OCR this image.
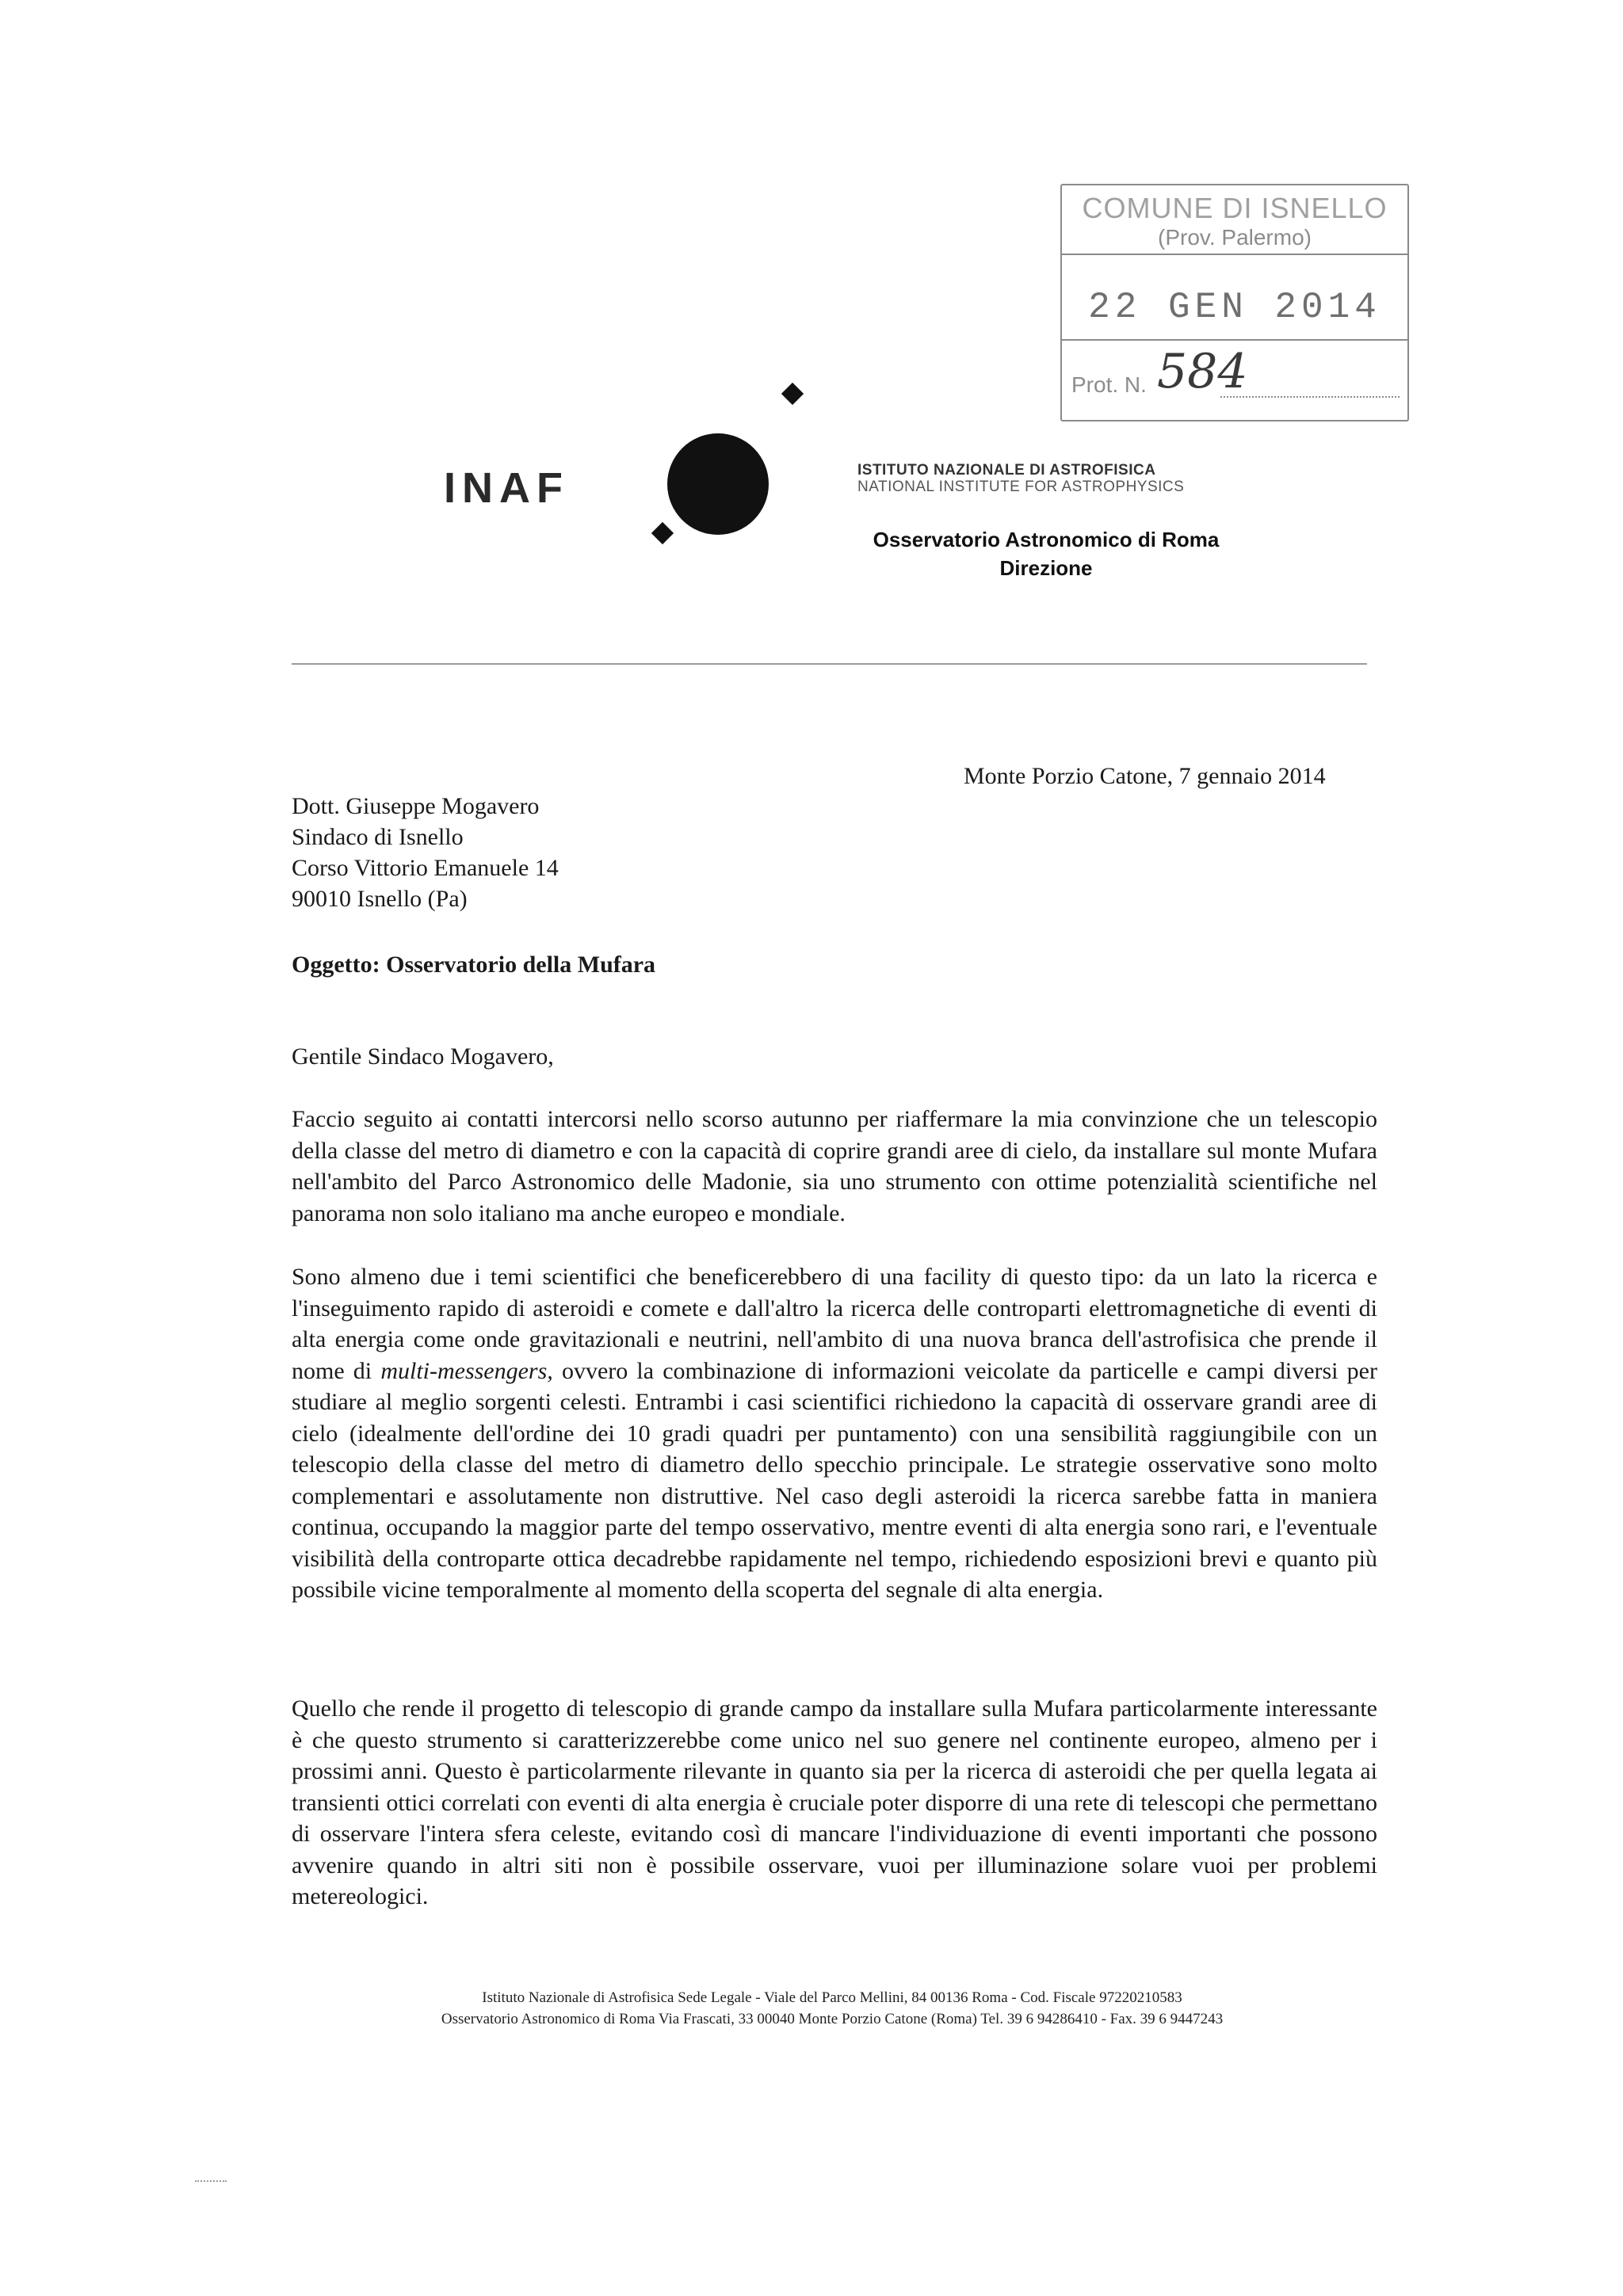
COMUNE DI ISNELLO
(Prov. Palermo)
22 GEN 2014
Prot. N. 584
INAF	ISTITUTO NAZIONALE DI ASTROFISICA
NATIONAL INSTITUTE FOR ASTROPHYSICS
Osservatorio Astronomico di Roma
Direzione
Monte Porzio Catone, 7 gennaio 2014
Dott. Giuseppe Mogavero
Sindaco di Isnello
Corso Vittorio Emanuele 14
90010 Isnello (Pa)
Oggetto: Osservatorio della Mufara
Gentile Sindaco Mogavero,

Faccio seguito ai contatti intercorsi nello scorso autunno per riaffermare la mia convinzione che un telescopio della classe del metro di diametro e con la capacità di coprire grandi aree di cielo, da installare sul monte Mufara nell'ambito del Parco Astronomico delle Madonie, sia uno strumento con ottime potenzialità scientifiche nel panorama non solo italiano ma anche europeo e mondiale.

Sono almeno due i temi scientifici che beneficerebbero di una facility di questo tipo: da un lato la ricerca e l'inseguimento rapido di asteroidi e comete e dall'altro la ricerca delle controparti elettromagnetiche di eventi di alta energia come onde gravitazionali e neutrini, nell'ambito di una nuova branca dell'astrofisica che prende il nome di multi-messengers, ovvero la combinazione di informazioni veicolate da particelle e campi diversi per studiare al meglio sorgenti celesti. Entrambi i casi scientifici richiedono la capacità di osservare grandi aree di cielo (idealmente dell'ordine dei 10 gradi quadri per puntamento) con una sensibilità raggiungibile con un telescopio della classe del metro di diametro dello specchio principale. Le strategie osservative sono molto complementari e assolutamente non distruttive. Nel caso degli asteroidi la ricerca sarebbe fatta in maniera continua, occupando la maggior parte del tempo osservativo, mentre eventi di alta energia sono rari, e l'eventuale visibilità della controparte ottica decadrebbe rapidamente nel tempo, richiedendo esposizioni brevi e quanto più possibile vicine temporalmente al momento della scoperta del segnale di alta energia.

Quello che rende il progetto di telescopio di grande campo da installare sulla Mufara particolarmente interessante è che questo strumento si caratterizzerebbe come unico nel suo genere nel continente europeo, almeno per i prossimi anni. Questo è particolarmente rilevante in quanto sia per la ricerca di asteroidi che per quella legata ai transienti ottici correlati con eventi di alta energia è cruciale poter disporre di una rete di telescopi che permettano di osservare l'intera sfera celeste, evitando così di mancare l'individuazione di eventi importanti che possono avvenire quando in altri siti non è possibile osservare, vuoi per illuminazione solare vuoi per problemi metereologici.

Istituto Nazionale di Astrofisica Sede Legale - Viale del Parco Mellini, 84 00136 Roma - Cod. Fiscale 97220210583
Osservatorio Astronomico di Roma Via Frascati, 33 00040 Monte Porzio Catone (Roma) Tel. 39 6 94286410 - Fax. 39 6 9447243
